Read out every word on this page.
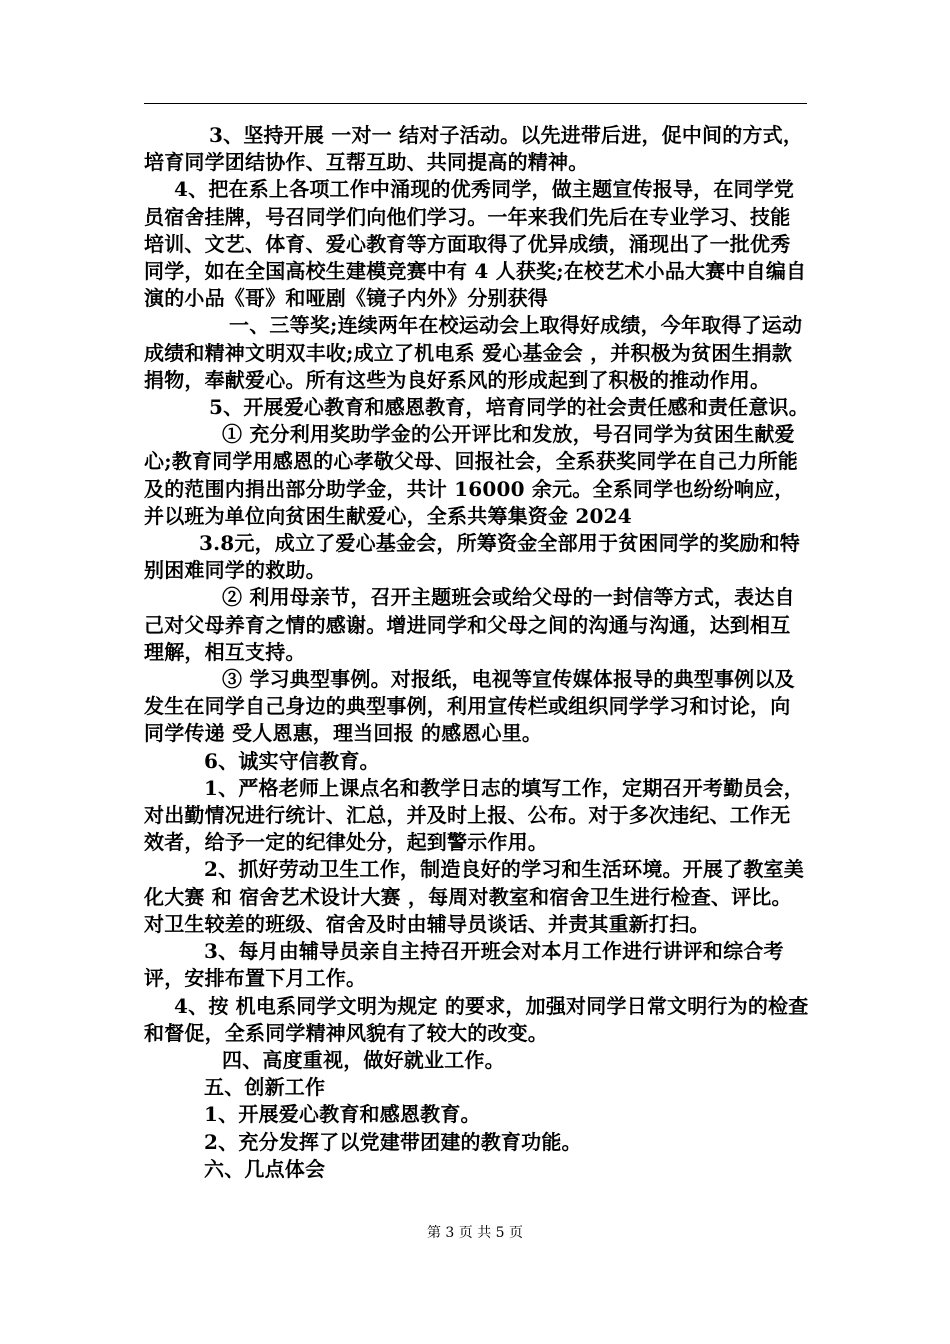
3、坚持开展 一对一 结对子活动。以先进带后进，促中间的方式，培育同学团结协作、互帮互助、共同提高的精神。

4、把在系上各项工作中涌现的优秀同学，做主题宣传报导，在同学党员宿舍挂牌，号召同学们向他们学习。一年来我们先后在专业学习、技能培训、文艺、体育、爱心教育等方面取得了优异成绩，涌现出了一批优秀同学，如在全国高校生建模竞赛中有 4 人获奖;在校艺术小品大赛中自编自演的小品《哥》和哑剧《镜子内外》分别获得

一、三等奖;连续两年在校运动会上取得好成绩，今年取得了运动成绩和精神文明双丰收;成立了机电系 爱心基金会 ，并积极为贫困生捐款捐物，奉献爱心。所有这些为良好系风的形成起到了积极的推动作用。

5、开展爱心教育和感恩教育，培育同学的社会责任感和责任意识。

① 充分利用奖助学金的公开评比和发放，号召同学为贫困生献爱心;教育同学用感恩的心孝敬父母、回报社会，全系获奖同学在自己力所能及的范围内捐出部分助学金，共计 16000 余元。全系同学也纷纷响应，并以班为单位向贫困生献爱心，全系共筹集资金 2024

3.8元，成立了爱心基金会，所筹资金全部用于贫困同学的奖励和特别困难同学的救助。

② 利用母亲节，召开主题班会或给父母的一封信等方式，表达自己对父母养育之情的感谢。增进同学和父母之间的沟通与沟通，达到相互理解，相互支持。

③ 学习典型事例。对报纸，电视等宣传媒体报导的典型事例以及发生在同学自己身边的典型事例，利用宣传栏或组织同学学习和讨论，向同学传递 受人恩惠，理当回报 的感恩心里。

6、诚实守信教育。

1、严格老师上课点名和教学日志的填写工作，定期召开考勤员会，对出勤情况进行统计、汇总，并及时上报、公布。对于多次违纪、工作无效者，给予一定的纪律处分，起到警示作用。

2、抓好劳动卫生工作，制造良好的学习和生活环境。开展了教室美化大赛 和 宿舍艺术设计大赛 ，每周对教室和宿舍卫生进行检查、评比。对卫生较差的班级、宿舍及时由辅导员谈话、并责其重新打扫。

3、每月由辅导员亲自主持召开班会对本月工作进行讲评和综合考评，安排布置下月工作。

4、按 机电系同学文明为规定 的要求，加强对同学日常文明行为的检查和督促，全系同学精神风貌有了较大的改变。

四、高度重视，做好就业工作。

五、创新工作

1、开展爱心教育和感恩教育。

2、充分发挥了以党建带团建的教育功能。

六、几点体会

第 3 页 共 5 页
